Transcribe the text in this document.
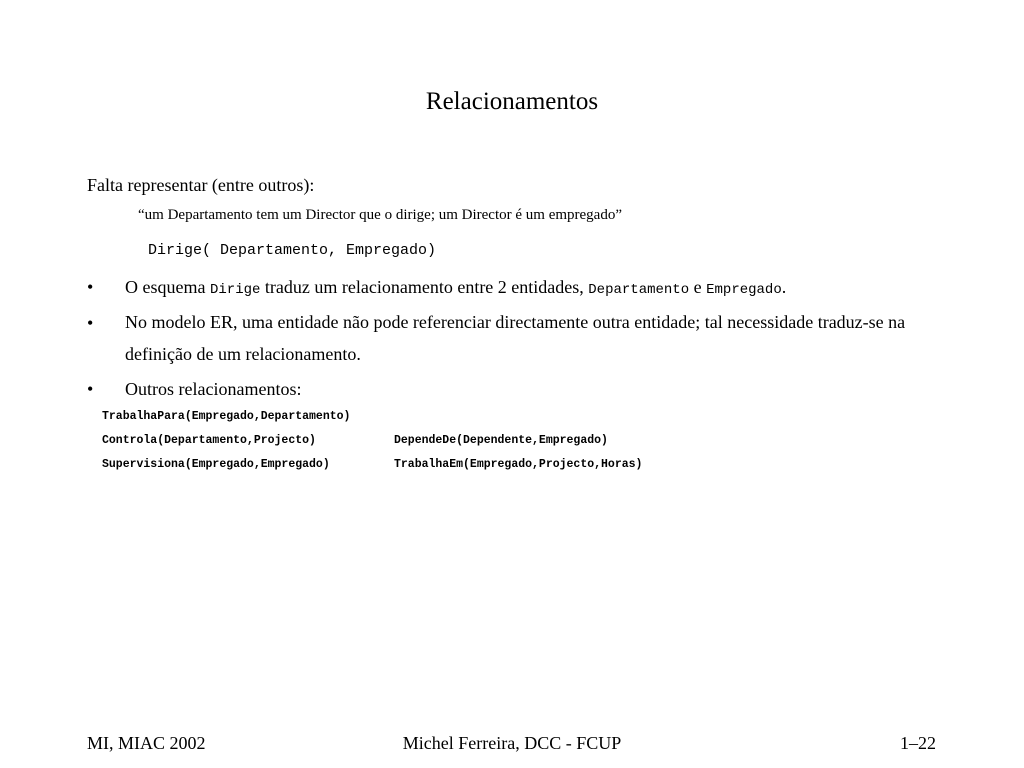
Relacionamentos
Falta representar (entre outros):
“um Departamento tem um Director que o dirige; um Director é um empregado”
Dirige( Departamento, Empregado)
• O esquema Dirige traduz um relacionamento entre 2 entidades, Departamento e Empregado.
• No modelo ER, uma entidade não pode referenciar directamente outra entidade; tal necessidade traduz-se na definição de um relacionamento.
• Outros relacionamentos:
TrabalhaPara(Empregado,Departamento)
Controla(Departamento,Projecto)
Supervisiona(Empregado,Empregado)
DependeDe(Dependente,Empregado)
TrabalhaEm(Empregado,Projecto,Horas)
MI, MIAC 2002	Michel Ferreira, DCC - FCUP	1–22
